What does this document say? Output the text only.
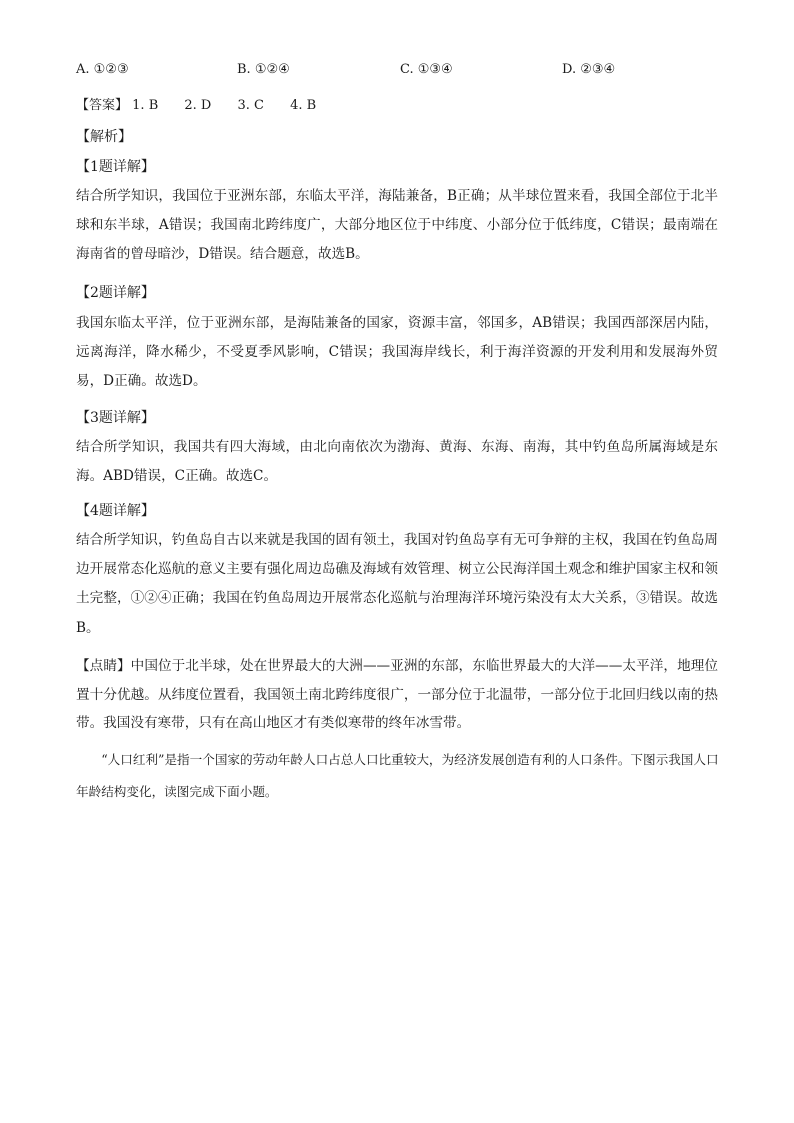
A. ①②③	B. ①②④	C. ①③④	D. ②③④
【答案】 1. B 2. D 3. C 4. B
【解析】
【1题详解】

结合所学知识，我国位于亚洲东部，东临太平洋，海陆兼备，B正确；从半球位置来看，我国全部位于北半球和东半球，A错误；我国南北跨纬度广，大部分地区位于中纬度、小部分位于低纬度，C错误；最南端在海南省的曾母暗沙，D错误。结合题意，故选B。

【2题详解】

我国东临太平洋，位于亚洲东部，是海陆兼备的国家，资源丰富，邻国多，AB错误；我国西部深居内陆，远离海洋，降水稀少，不受夏季风影响，C错误；我国海岸线长，利于海洋资源的开发利用和发展海外贸易，D正确。故选D。

【3题详解】

结合所学知识，我国共有四大海域，由北向南依次为渤海、黄海、东海、南海，其中钓鱼岛所属海域是东海。ABD错误，C正确。故选C。

【4题详解】

结合所学知识，钓鱼岛自古以来就是我国的固有领土，我国对钓鱼岛享有无可争辩的主权，我国在钓鱼岛周边开展常态化巡航的意义主要有强化周边岛礁及海域有效管理、树立公民海洋国土观念和维护国家主权和领土完整，①②④正确；我国在钓鱼岛周边开展常态化巡航与治理海洋环境污染没有太大关系，③错误。故选B。

【点睛】中国位于北半球，处在世界最大的大洲——亚洲的东部，东临世界最大的大洋——太平洋，地理位置十分优越。从纬度位置看，我国领土南北跨纬度很广，一部分位于北温带，一部分位于北回归线以南的热带。我国没有寒带，只有在高山地区才有类似寒带的终年冰雪带。

“人口红利”是指一个国家的劳动年龄人口占总人口比重较大，为经济发展创造有利的人口条件。下图示我国人口年龄结构变化，读图完成下面小题。
